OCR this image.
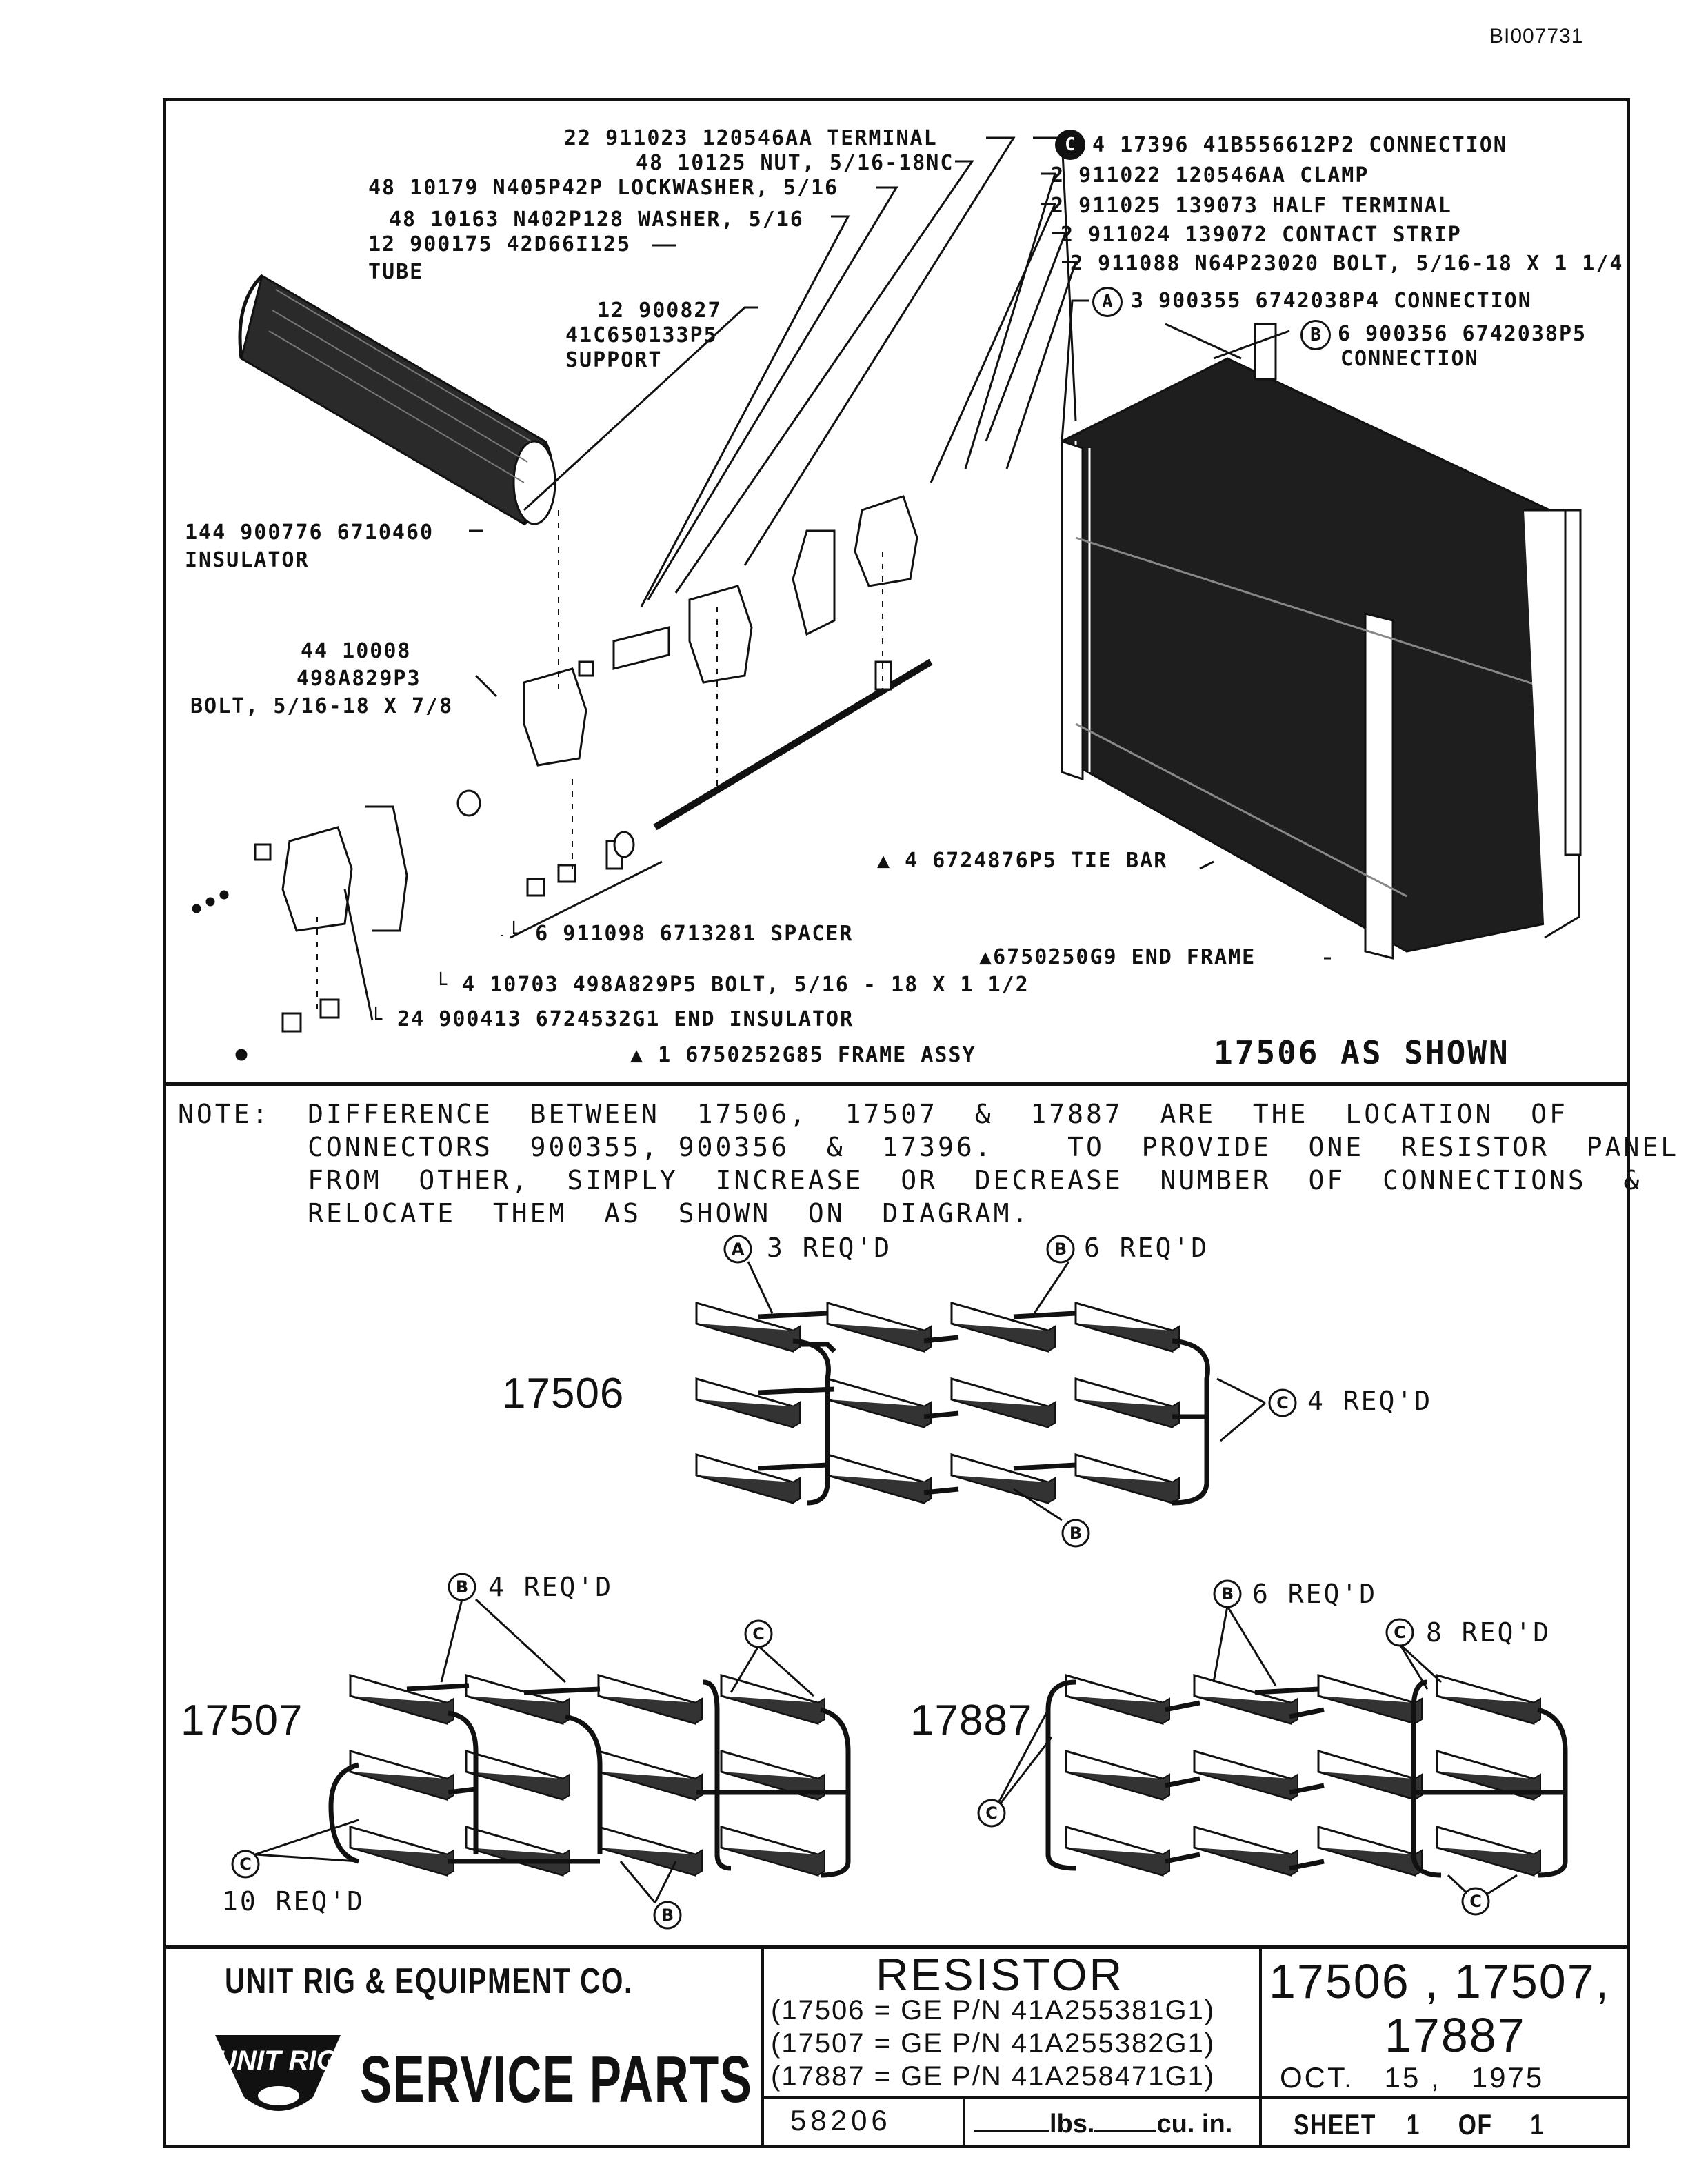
BI007731
22 911023 120546AA TERMINAL
48 10125 NUT, 5/16-18NC
48 10179 N405P42P LOCKWASHER, 5/16
48 10163 N402P128 WASHER, 5/16
12 900175 42D66I125
TUBE
12 900827
41C650133P5
SUPPORT
C 4 17396 41B556612P2 CONNECTION
2 911022 120546AA CLAMP
2 911025 139073 HALF TERMINAL
2 911024 139072 CONTACT STRIP
2 911088 N64P23020 BOLT, 5/16-18 X 1 1/4
A 3 900355 6742038P4 CONNECTION
B 6 900356 6742038P5
CONNECTION
144 900776 6710460
INSULATOR
44 10008
498A829P3
BOLT, 5/16-18 X 7/8
▲ 4 6724876P5 TIE BAR
└ 6 911098 6713281 SPACER
▲6750250G9 END FRAME
└ 4 10703 498A829P5 BOLT, 5/16 - 18 X 1 1/2
└ 24 900413 6724532G1 END INSULATOR
▲ 1 6750252G85 FRAME ASSY	17506 AS SHOWN
NOTE:  DIFFERENCE  BETWEEN  17506,  17507  &  17887  ARE  THE  LOCATION  OF
CONNECTORS  900355, 900356  &  17396.    TO  PROVIDE  ONE  RESISTOR  PANEL
FROM  OTHER,  SIMPLY  INCREASE  OR  DECREASE  NUMBER  OF  CONNECTIONS  &
RELOCATE  THEM  AS  SHOWN  ON  DIAGRAM.
A	B
C
B
B
C
C
B
B
C
C
C
3 REQ'D	6 REQ'D
4 REQ'D
17506
4 REQ'D
10 REQ'D
17507
6 REQ'D
8 REQ'D
17887
UNIT RIG & EQUIPMENT CO.
UNIT RIG SERVICE PARTS
RESISTOR
(17506 = GE P/N 41A255381G1)
(17507 = GE P/N 41A255382G1)
(17887 = GE P/N 41A258471G1)
17506 , 17507,
17887
OCT.   15 ,   1975
58206	lbs. cu. in. SHEET    1     OF     1
